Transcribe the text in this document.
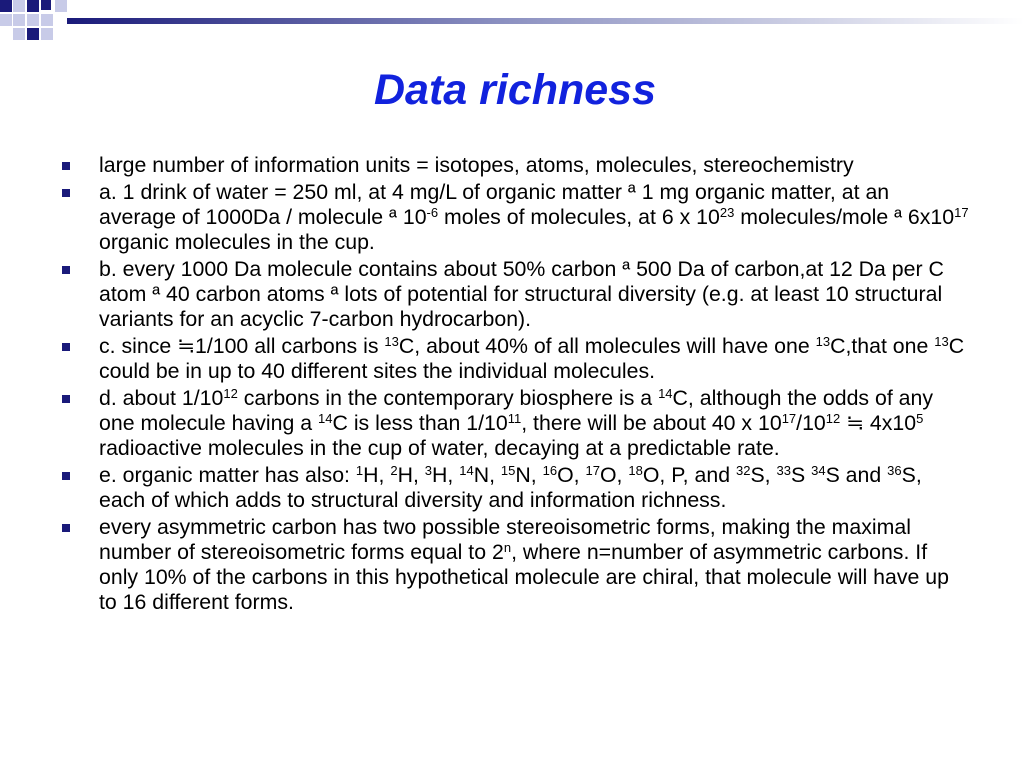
Data richness
large number of information units = isotopes, atoms, molecules, stereochemistry
a. 1 drink of water = 250 ml, at 4 mg/L of organic matter ª 1 mg organic matter, at an average of 1000Da / molecule ª $10^{-6}$ moles of molecules, at 6 x $10^{23}$ molecules/mole ª $6x10^{17}$ organic molecules in the cup.
b. every 1000 Da molecule contains about 50% carbon ª 500 Da of carbon,at 12 Da per C atom ª 40 carbon atoms ª lots of potential for structural diversity (e.g. at least 10 structural variants for an acyclic 7-carbon hydrocarbon).
c. since ≒1/100 all carbons is $^{13}$C, about 40% of all molecules will have one $^{13}$C,that one $^{13}$C could be in up to 40 different sites the individual molecules.
d. about $1/10^{12}$ carbons in the contemporary biosphere is a $^{14}$C, although the odds of any one molecule having a $^{14}$C is less than $1/10^{11}$, there will be about 40 x $10^{17}/10^{12}$ ≒ $4x10^5$ radioactive molecules in the cup of water, decaying at a predictable rate.
e. organic matter has also: $^1$H, $^2$H, $^3$H, $^{14}$N, $^{15}$N, $^{16}$O, $^{17}$O, $^{18}$O, P, and $^{32}$S, $^{33}$S $^{34}$S and $^{36}$S, each of which adds to structural diversity and information richness.
every asymmetric carbon has two possible stereoisometric forms, making the maximal number of stereoisometric forms equal to 2$^n$, where n=number of asymmetric carbons. If only 10% of the carbons in this hypothetical molecule are chiral, that molecule will have up to 16 different forms.
